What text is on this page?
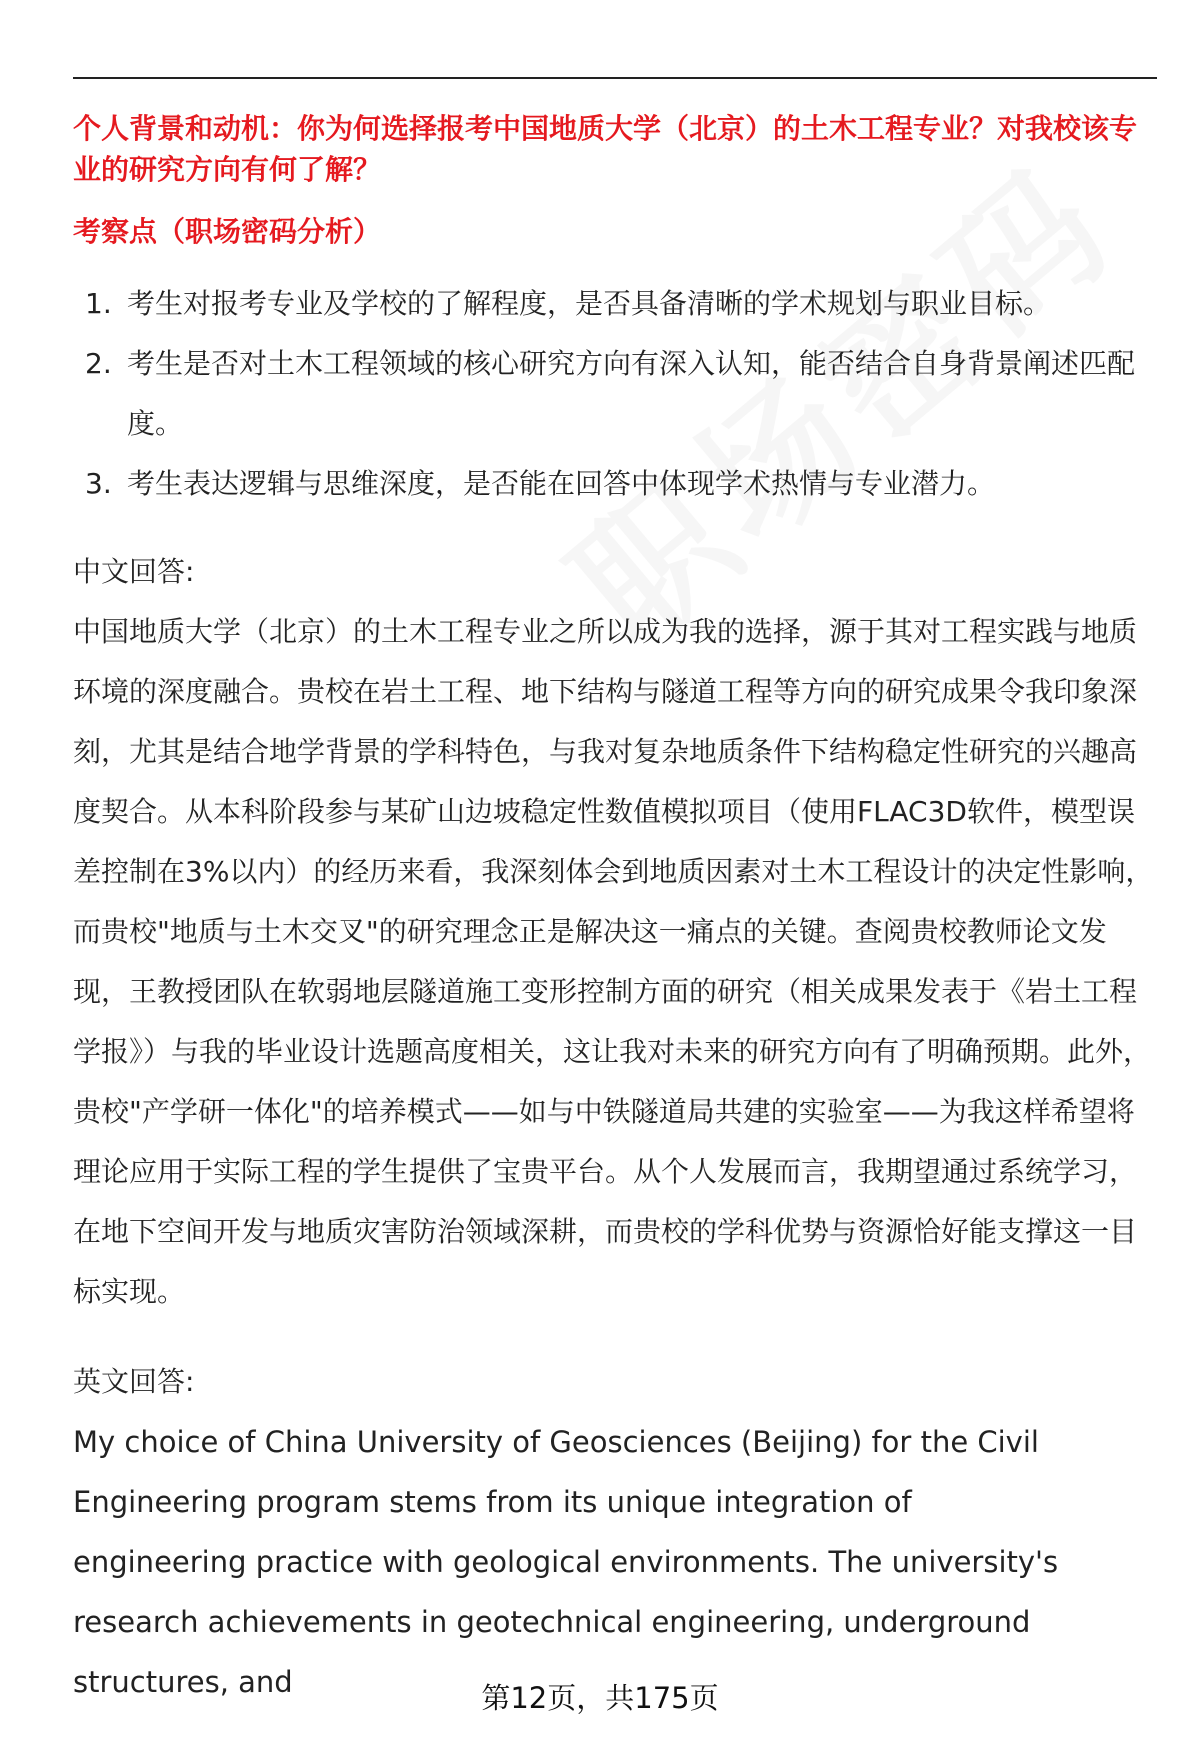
个人背景和动机：你为何选择报考中国地质大学（北京）的土木工程专业？对我校该专业的研究方向有何了解？

考察点（职场密码分析）

1. 考生对报考专业及学校的了解程度，是否具备清晰的学术规划与职业目标。
2. 考生是否对土木工程领域的核心研究方向有深入认知，能否结合自身背景阐述匹配度。
3. 考生表达逻辑与思维深度，是否能在回答中体现学术热情与专业潜力。

中文回答:

中国地质大学（北京）的土木工程专业之所以成为我的选择，源于其对工程实践与地质环境的深度融合。贵校在岩土工程、地下结构与隧道工程等方向的研究成果令我印象深刻，尤其是结合地学背景的学科特色，与我对复杂地质条件下结构稳定性研究的兴趣高度契合。从本科阶段参与某矿山边坡稳定性数值模拟项目（使用FLAC3D软件，模型误差控制在3%以内）的经历来看，我深刻体会到地质因素对土木工程设计的决定性影响，而贵校"地质与土木交叉"的研究理念正是解决这一痛点的关键。查阅贵校教师论文发现，王教授团队在软弱地层隧道施工变形控制方面的研究（相关成果发表于《岩土工程学报》）与我的毕业设计选题高度相关，这让我对未来的研究方向有了明确预期。此外，贵校"产学研一体化"的培养模式——如与中铁隧道局共建的实验室——为我这样希望将理论应用于实际工程的学生提供了宝贵平台。从个人发展而言，我期望通过系统学习，在地下空间开发与地质灾害防治领域深耕，而贵校的学科优势与资源恰好能支撑这一目标实现。

英文回答:

My choice of China University of Geosciences (Beijing) for the Civil Engineering program stems from its unique integration of engineering practice with geological environments. The university's research achievements in geotechnical engineering, underground structures, and	第12页，共175页
